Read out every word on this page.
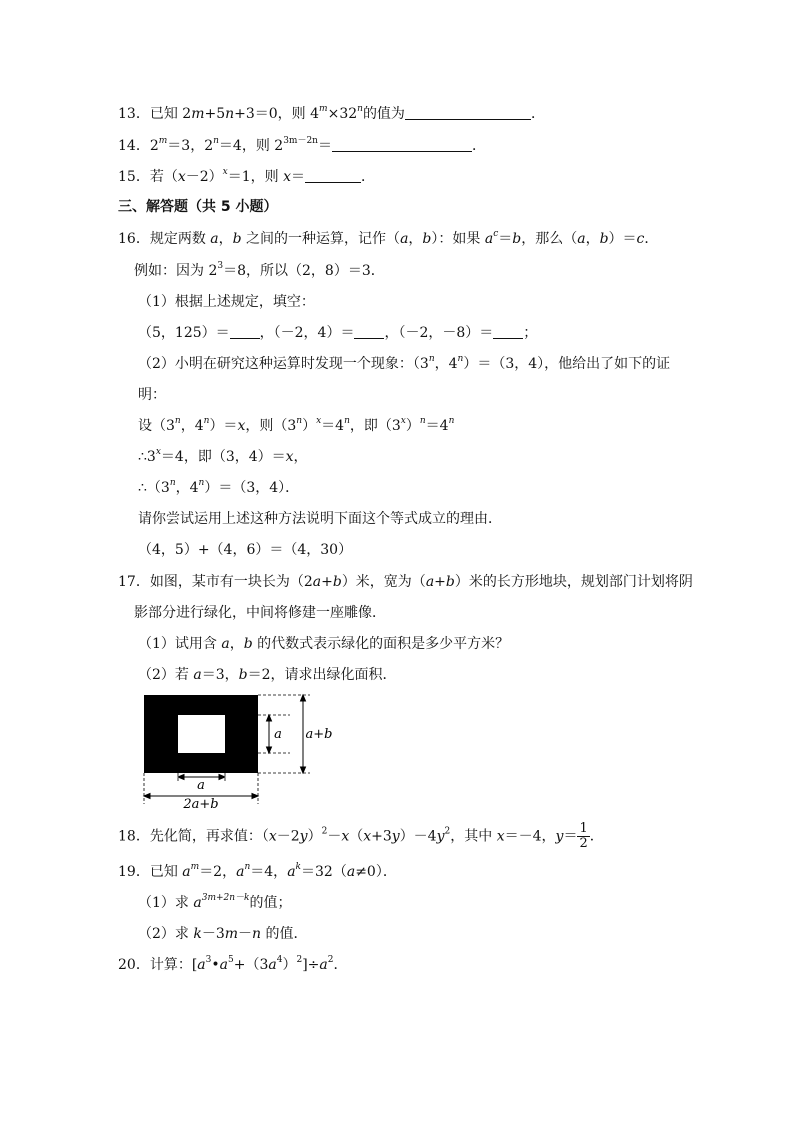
13．已知 2m+5n+3＝0，则 $4^m\times 32^n$的值为	．
14．$2^m=3$，$2^n=4$，则 $2^{3m-2n}=$	．
15．若$(x-2)^x=1$，则 x＝	．
三、解答题（共 5 小题）
16．规定两数 a，b 之间的一种运算，记作（a，b）：如果 $a^c=b$，那么（a，b）＝c．
例如：因为 $2^3=8$，所以（2，8）＝3．
（1）根据上述规定，填空：
（5，125）＝ ，（－2，4）＝ ，（－2，－8）＝ ；
（2）小明在研究这种运算时发现一个现象：（3$^n$，$4^n)=(3$，4），他给出了如下的证
明：
设（3$^n$，$4^n)=x$，则$(3^n)^x=4^n$，即$(3^x)^n=4^n$
$\therefore 3^x=4$，即（3，4）＝x，
∴（3$^n$，$4^n)=(3$，4）．
请你尝试运用上述这种方法说明下面这个等式成立的理由．
（4，5）+（4，6）＝（4，30）
17．如图，某市有一块长为（2a+b）米，宽为（a+b）米的长方形地块，规划部门计划将阴
影部分进行绿化，中间将修建一座雕像．
（1）试用含 a，b 的代数式表示绿化的面积是多少平方米？
（2）若 a＝3，b＝2，请求出绿化面积．
a a+b
a
2a+b
18．先化简，再求值：$(x-2y)^2-x(x+3y)-4y^2$，其中 x＝－4，$y= \frac{1}{2}$ ．
19．已知 $a^m=2$，$a^n=4$，$a^k=32(a\ne 0)$．
（1）求 $a^{3m+2n-k}$的值；
（2）求 k－3m－n 的值．
20．计算：$[a^3•a^5+(3a^4)^2]\div a^2$．
